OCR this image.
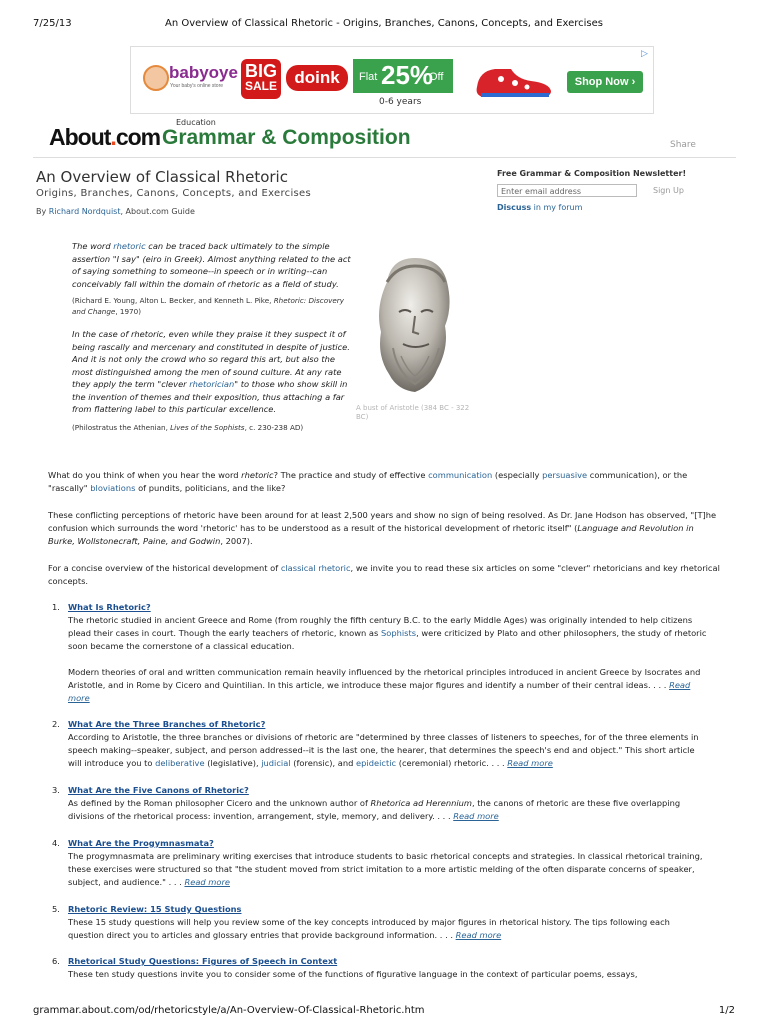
7/25/13	An Overview of Classical Rhetoric - Origins, Branches, Canons, Concepts, and Exercises
babyoye
Your baby's online store
BIG
SALE	doink	Flat 25%
Off
0-6 years
Shop Now ›
▷
Education
About.com Grammar & Composition	Share
An Overview of Classical Rhetoric
Origins, Branches, Canons, Concepts, and Exercises
By Richard Nordquist, About.com Guide
Free Grammar & Composition Newsletter!
Enter email address	Sign Up
Discuss in my forum
The word rhetoric can be traced back ultimately to the simple assertion "I say" (eiro in Greek). Almost anything related to the act of saying something to someone--in speech or in writing--can conceivably fall within the domain of rhetoric as a field of study.
(Richard E. Young, Alton L. Becker, and Kenneth L. Pike, Rhetoric: Discovery and Change, 1970)
In the case of rhetoric, even while they praise it they suspect it of being rascally and mercenary and constituted in despite of justice. And it is not only the crowd who so regard this art, but also the most distinguished among the men of sound culture. At any rate they apply the term "clever rhetorician" to those who show skill in the invention of themes and their exposition, thus attaching a far from flattering label to this particular excellence.
(Philostratus the Athenian, Lives of the Sophists, c. 230-238 AD)
A bust of Aristotle (384 BC - 322 BC)
What do you think of when you hear the word rhetoric? The practice and study of effective communication (especially persuasive communication), or the "rascally" bloviations of pundits, politicians, and the like?
These conflicting perceptions of rhetoric have been around for at least 2,500 years and show no sign of being resolved. As Dr. Jane Hodson has observed, "[T]he confusion which surrounds the word 'rhetoric' has to be understood as a result of the historical development of rhetoric itself" (Language and Revolution in Burke, Wollstonecraft, Paine, and Godwin, 2007).
For a concise overview of the historical development of classical rhetoric, we invite you to read these six articles on some "clever" rhetoricians and key rhetorical concepts.
1. What Is Rhetoric?
The rhetoric studied in ancient Greece and Rome (from roughly the fifth century B.C. to the early Middle Ages) was originally intended to help citizens plead their cases in court. Though the early teachers of rhetoric, known as Sophists, were criticized by Plato and other philosophers, the study of rhetoric soon became the cornerstone of a classical education.

Modern theories of oral and written communication remain heavily influenced by the rhetorical principles introduced in ancient Greece by Isocrates and Aristotle, and in Rome by Cicero and Quintilian. In this article, we introduce these major figures and identify a number of their central ideas. . . . Read more
2. What Are the Three Branches of Rhetoric?
According to Aristotle, the three branches or divisions of rhetoric are "determined by three classes of listeners to speeches, for of the three elements in speech making--speaker, subject, and person addressed--it is the last one, the hearer, that determines the speech's end and object." This short article will introduce you to deliberative (legislative), judicial (forensic), and epideictic (ceremonial) rhetoric. . . . Read more
3. What Are the Five Canons of Rhetoric?
As defined by the Roman philosopher Cicero and the unknown author of Rhetorica ad Herennium, the canons of rhetoric are these five overlapping divisions of the rhetorical process: invention, arrangement, style, memory, and delivery. . . . Read more
4. What Are the Progymnasmata?
The progymnasmata are preliminary writing exercises that introduce students to basic rhetorical concepts and strategies. In classical rhetorical training, these exercises were structured so that "the student moved from strict imitation to a more artistic melding of the often disparate concerns of speaker, subject, and audience." . . . Read more
5. Rhetoric Review: 15 Study Questions
These 15 study questions will help you review some of the key concepts introduced by major figures in rhetorical history. The tips following each question direct you to articles and glossary entries that provide background information. . . . Read more
6. Rhetorical Study Questions: Figures of Speech in Context
These ten study questions invite you to consider some of the functions of figurative language in the context of particular poems, essays,
grammar.about.com/od/rhetoricstyle/a/An-Overview-Of-Classical-Rhetoric.htm	1/2
